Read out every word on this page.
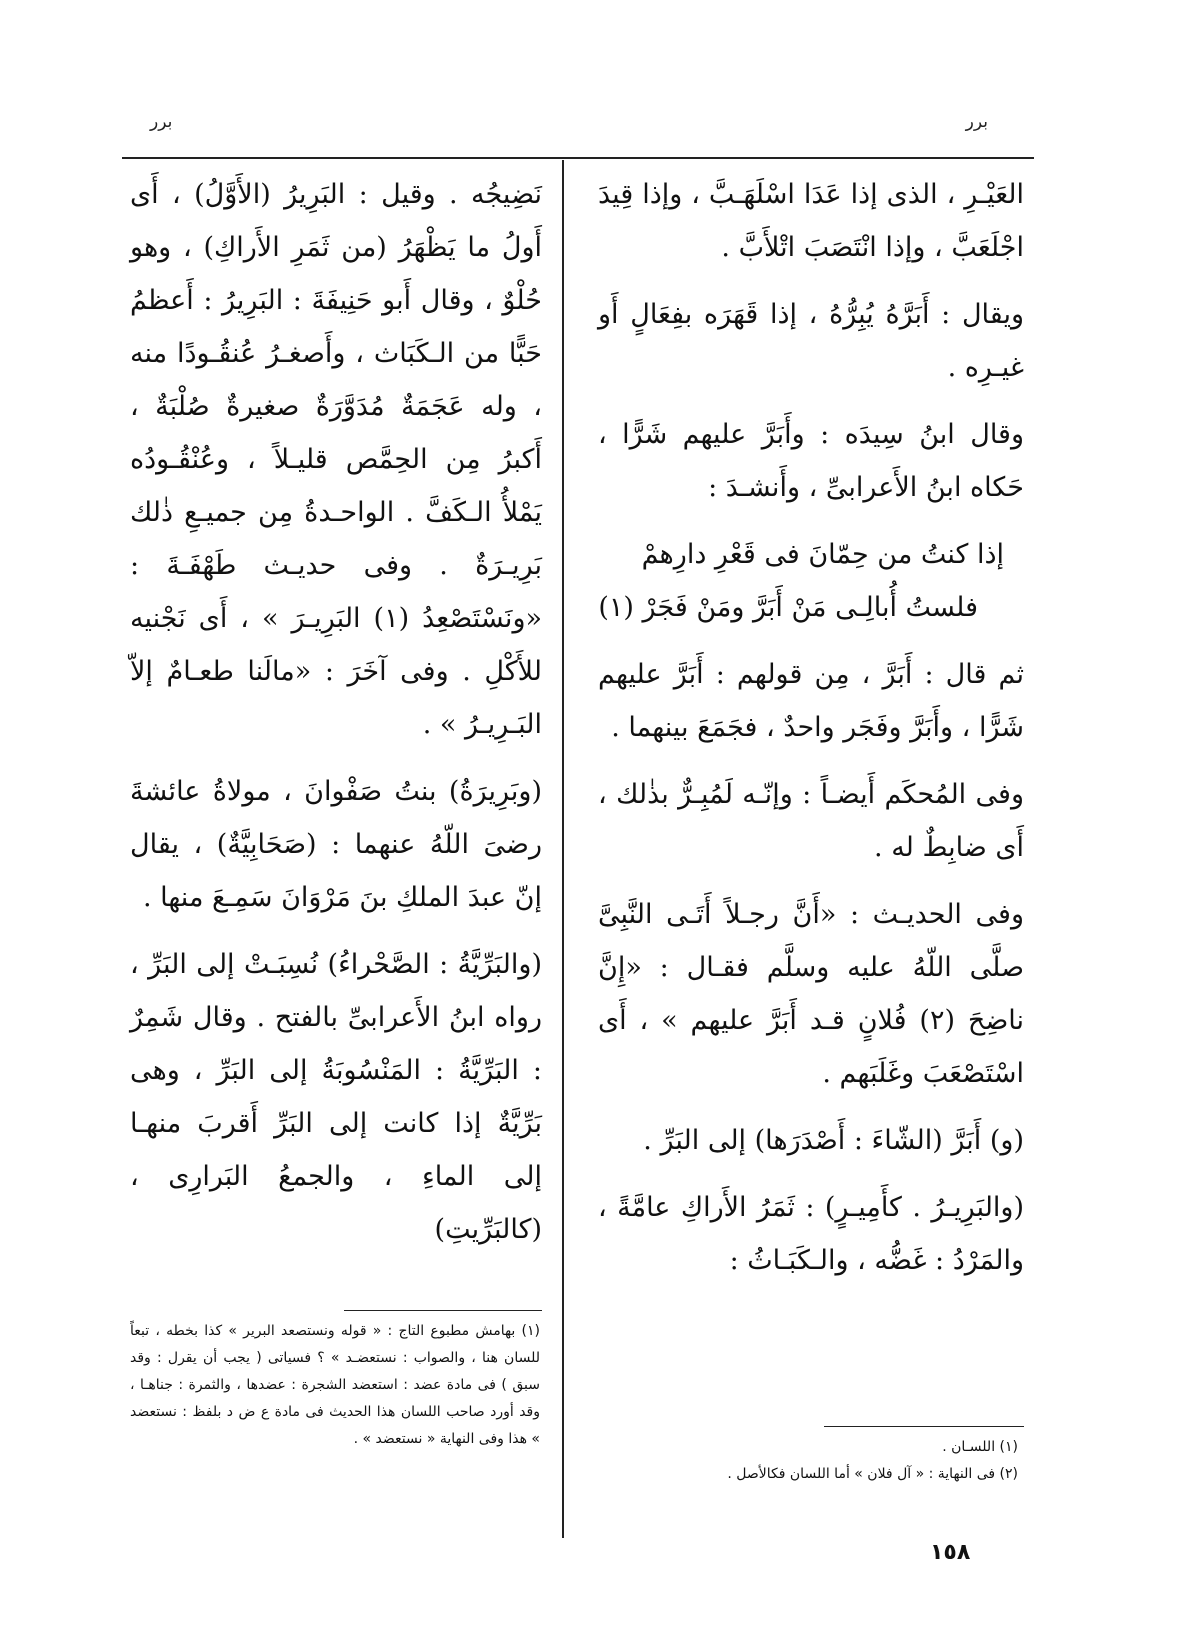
برر
برر

العَيْـرِ ، الذى إذا عَدَا اسْلَهَـبَّ ، وإذا قِيدَ اجْلَعَبَّ ، وإذا انْتَصَبَ اتْلأَبَّ .

ويقال : أَبَرَّهُ يُبِرُّهُ ، إذا قَهَرَه بفِعَالٍ أَو غيـرِه .

وقال ابنُ سِيدَه : وأَبَرَّ عليهم شَرًّا ، حَكاه ابنُ الأَعرابىِّ ، وأَنشـدَ :

إذا كنتُ من حِمّانَ فى قَعْرِ دارِهمْ

فلستُ أُبالِـى مَنْ أَبَرَّ ومَنْ فَجَرْ (١)

ثم قال : أَبَرَّ ، مِن قولهم : أَبَرَّ عليهم شَرًّا ، وأَبَرَّ وفَجَر واحدٌ ، فجَمَعَ بينهما .

وفى المُحكَم أَيضـاً : وإنّـه لَمُبِـرٌّ بذٰلك ، أَى ضابِطٌ له .

وفى الحديـث : «أَنَّ رجـلاً أَتَـى النَّبِىَّ صلَّى اللّهُ عليه وسلَّم فقـال : «إِنَّ ناضِحَ (٢) فُلانٍ قـد أَبَرَّ عليهم » ، أَى اسْتَصْعَبَ وغَلَبَهم .

(و) أَبَرَّ (الشّاءَ : أَصْدَرَها) إلى البَرِّ .

(والبَرِيـرُ . كأَمِيـرٍ) : ثَمَرُ الأَراكِ عامَّةً ، والمَرْدُ : غَضُّه ، والـكَبَـاثُ :

نَضِيجُه . وقيل : البَرِيرُ (الأَوَّلُ) ، أَى أَولُ ما يَظْهَرُ (من ثَمَرِ الأَراكِ) ، وهو حُلْوٌ ، وقال أَبو حَنِيفَةَ : البَرِيرُ : أَعظمُ حَبًّا من الـكَبَاث ، وأَصغـرُ عُنقُـودًا منه ، وله عَجَمَةٌ مُدَوَّرَةٌ صغيرةٌ صُلْبَةٌ ، أَكبرُ مِن الحِمَّص قليـلاً ، وعُنْقُـودُه يَمْلأُ الـكَفَّ . الواحـدةُ مِن جميـعِ ذٰلك بَرِيـرَةٌ . وفى حديـث طَهْفَـةَ : «ونَسْتَصْعِدُ (١) البَرِيـرَ » ، أَى نَجْنيه للأَكْلِ . وفى آخَرَ : «مالَنا طعـامٌ إلاّ البَـرِيـرُ » .

(وبَرِيرَةُ) بنتُ صَفْوانَ ، مولاةُ عائشةَ رضىَ اللّهُ عنهما : (صَحَابِيَّةٌ) ، يقال إنّ عبدَ الملكِ بنَ مَرْوَانَ سَمِـعَ منها .

(والبَرِّيَّةُ : الصَّحْراءُ) نُسِبَـتْ إلى البَرِّ ، رواه ابنُ الأَعرابىِّ بالفتح . وقال شَمِرٌ : البَرِّيَّةُ : المَنْسُوبَةُ إلى البَرِّ ، وهى بَرِّيَّةٌ إذا كانت إلى البَرِّ أَقربَ منهـا إلى الماءِ ، والجمعُ البَرارِى ، (كالبَرِّيتِ)

(١) اللسـان .

(٢) فى النهاية : « آل فلان » أما اللسان فكالأصل .

(١) بهامش مطبوع التاج : « قوله ونستصعد البرير » كذا بخطه ، تبعاً للسان هنا ، والصواب : نستعضـد » ؟ فسياتى ( يجب أن يقرل : وقد سبق ) فى مادة عضد : استعضد الشجرة : عضدها ، والثمرة : جناهـا ، وقد أورد صاحب اللسان هذا الحديث فى مادة ع ض د بلفظ : نستعضد » هذا وفى النهاية « نستعضد » .

١٥٨
